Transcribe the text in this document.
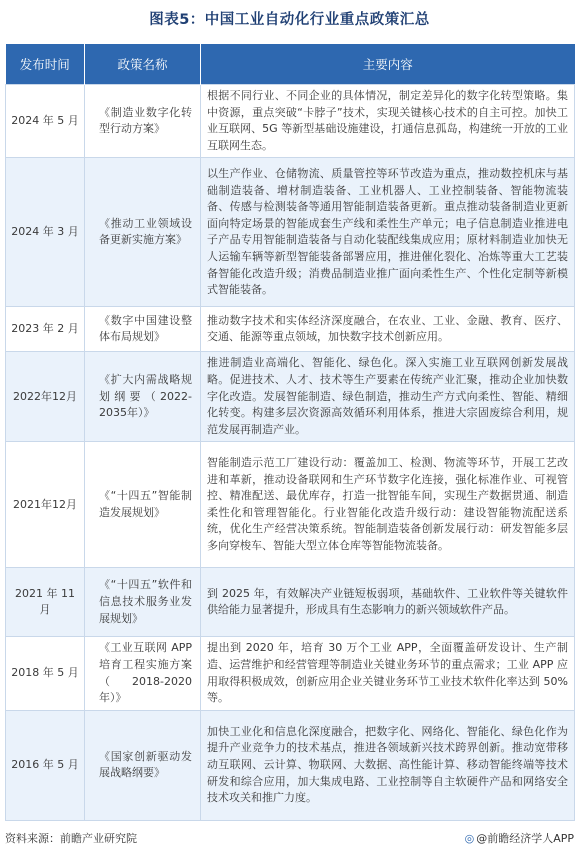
图表5：中国工业自动化行业重点政策汇总
发布时间	政策名称	主要内容
2024 年 5 月	《制造业数字化转型行动方案》	根据不同行业、不同企业的具体情况，制定差异化的数字化转型策略。集中资源，重点突破“卡脖子”技术，实现关键核心技术的自主可控。加快工业互联网、5G 等新型基础设施建设，打通信息孤岛，构建统一开放的工业互联网生态。
2024 年 3 月	《推动工业领域设备更新实施方案》	以生产作业、仓储物流、质量管控等环节改造为重点，推动数控机床与基础制造装备、增材制造装备、工业机器人、工业控制装备、智能物流装备、传感与检测装备等通用智能制造装备更新。重点推动装备制造业更新面向特定场景的智能成套生产线和柔性生产单元；电子信息制造业推进电子产品专用智能制造装备与自动化装配线集成应用；原材料制造业加快无人运输车辆等新型智能装备部署应用，推进催化裂化、冶炼等重大工艺装备智能化改造升级；消费品制造业推广面向柔性生产、个性化定制等新模式智能装备。
2023 年 2 月	《数字中国建设整体布局规划》	推动数字技术和实体经济深度融合，在农业、工业、金融、教育、医疗、交通、能源等重点领域，加快数字技术创新应用。
2022年12月	《扩大内需战略规划纲要（2022-2035年）》	推进制造业高端化、智能化、绿色化。深入实施工业互联网创新发展战略。促进技术、人才、技术等生产要素在传统产业汇聚，推动企业加快数字化改造。发展智能制造、绿色制造，推动生产方式向柔性、智能、精细化转变。构建多层次资源高效循环利用体系，推进大宗固废综合利用，规范发展再制造产业。
2021年12月	《“十四五”智能制造发展规划》	智能制造示范工厂建设行动：覆盖加工、检测、物流等环节，开展工艺改进和革新，推动设备联网和生产环节数字化连接，强化标准作业、可视管控、精准配送、最优库存，打造一批智能车间，实现生产数据贯通、制造柔性化和管理智能化。行业智能化改造升级行动：建设智能物流配送系统，优化生产经营决策系统。智能制造装备创新发展行动：研发智能多层多向穿梭车、智能大型立体仓库等智能物流装备。
2021 年 11 月	《“十四五”软件和信息技术服务业发展规划》	到 2025 年，有效解决产业链短板弱项，基础软件、工业软件等关键软件供给能力显著提升，形成具有生态影响力的新兴领域软件产品。
2018 年 5 月	《工业互联网 APP 培育工程实施方案（2018-2020 年）》	提出到 2020 年，培育 30 万个工业 APP，全面覆盖研发设计、生产制造、运营维护和经营管理等制造业关键业务环节的重点需求；工业 APP 应用取得积极成效，创新应用企业关键业务环节工业技术软件化率达到 50%等。
2016 年 5 月	《国家创新驱动发展战略纲要》	加快工业化和信息化深度融合，把数字化、网络化、智能化、绿色化作为提升产业竞争力的技术基点，推进各领域新兴技术跨界创新。推动宽带移动互联网、云计算、物联网、大数据、高性能计算、移动智能终端等技术研发和综合应用，加大集成电路、工业控制等自主软硬件产品和网络安全技术攻关和推广力度。
资料来源：前瞻产业研究院	◎ @前瞻经济学人APP
